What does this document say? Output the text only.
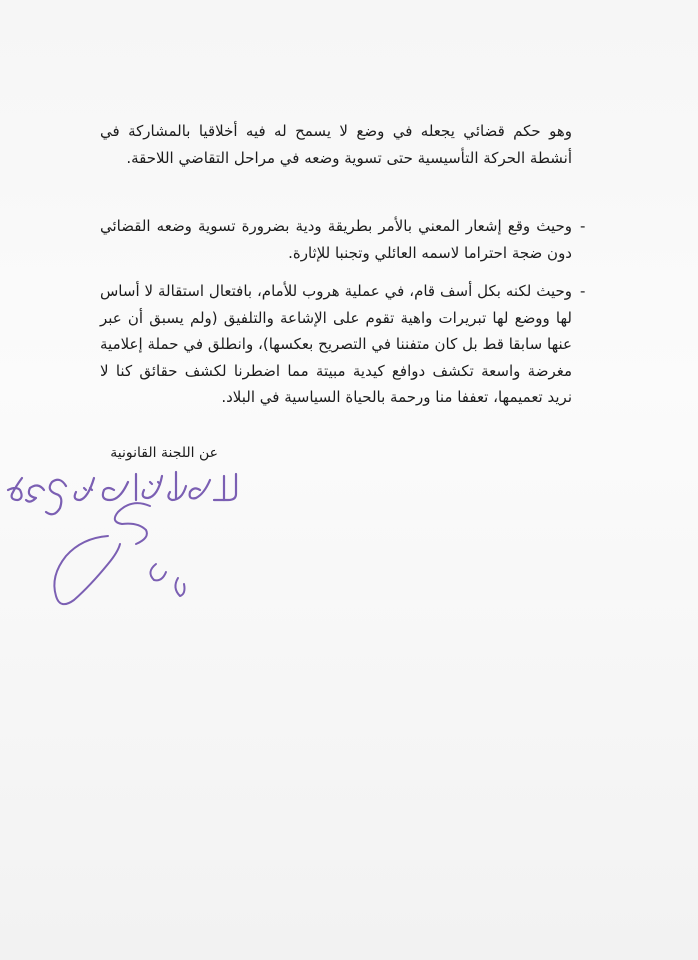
وهو حكم قضائي يجعله في وضع لا يسمح له فيه أخلاقيا بالمشاركة في أنشطة الحركة التأسيسية حتى تسوية وضعه في مراحل التقاضي اللاحقة.
-
وحيث وقع إشعار المعني بالأمر بطريقة ودية بضرورة تسوية وضعه القضائي دون ضجة احتراما لاسمه العائلي وتجنبا للإثارة.
-
وحيث لكنه بكل أسف قام، في عملية هروب للأمام، بافتعال استقالة لا أساس لها ووضع لها تبريرات واهية تقوم على الإشاعة والتلفيق (ولم يسبق أن عبر عنها سابقا قط بل كان متفننا في التصريح بعكسها)، وانطلق في حملة إعلامية مغرضة واسعة تكشف دوافع كيدية مبيتة مما اضطرنا لكشف حقائق كنا لا نريد تعميمها، تعففا منا ورحمة بالحياة السياسية في البلاد.
عن اللجنة القانونية
